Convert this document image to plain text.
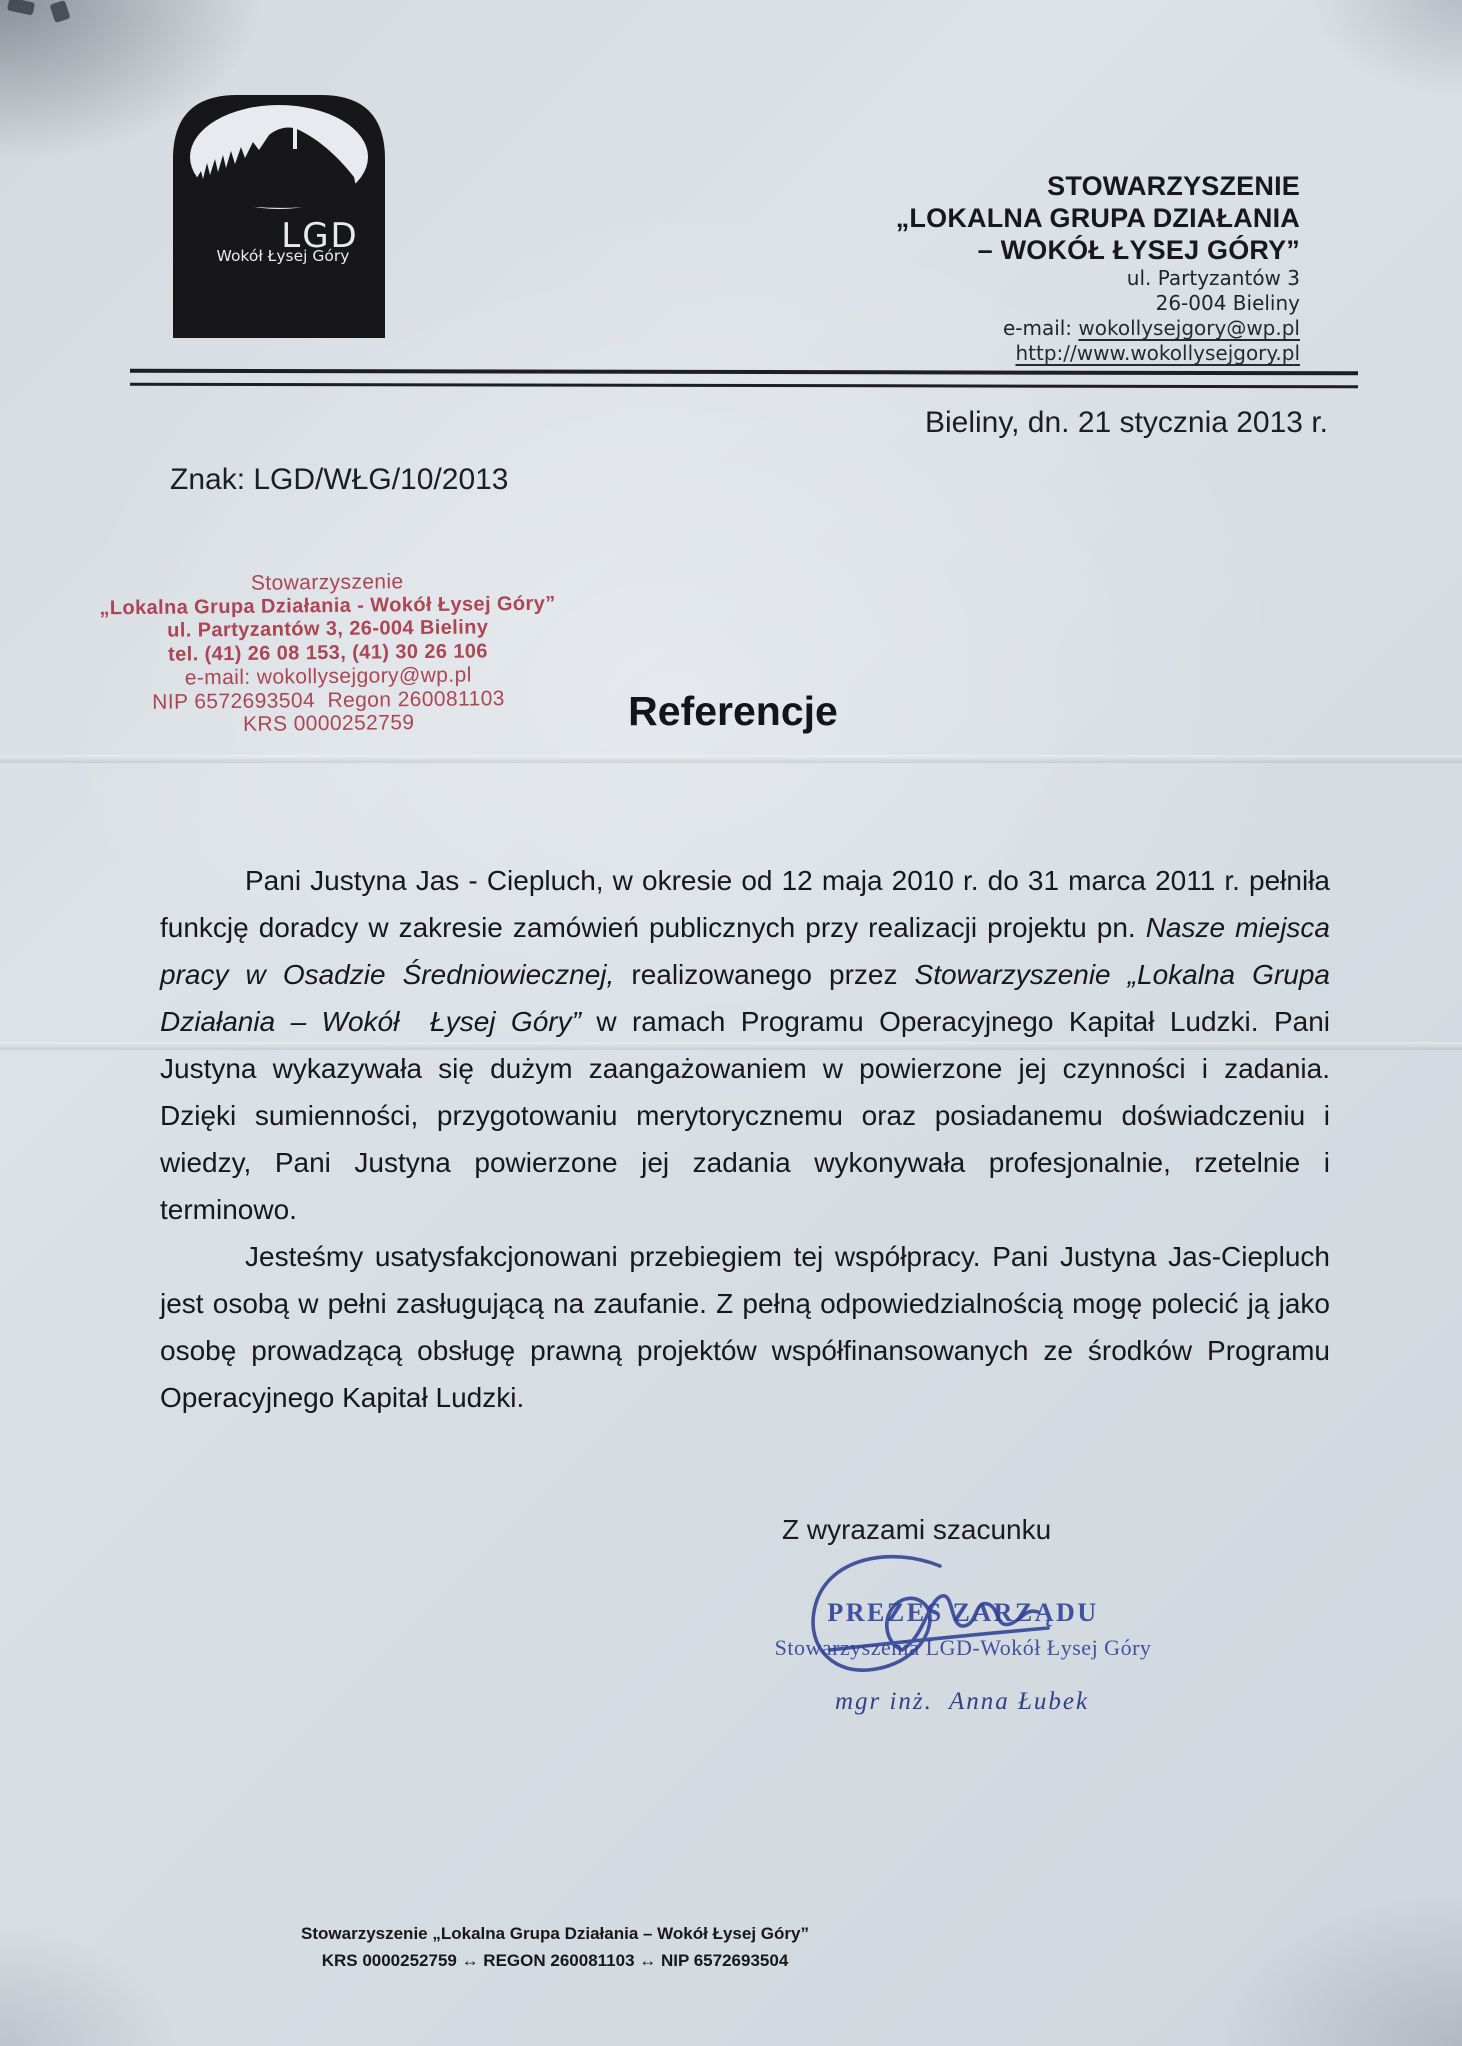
LGD
Wokół Łysej Góry
STOWARZYSZENIE
„LOKALNA GRUPA DZIAŁANIA
– WOKÓŁ ŁYSEJ GÓRY”
ul. Partyzantów 3
26-004 Bieliny
e-mail: wokollysejgory@wp.pl
http://www.wokollysejgory.pl
Bieliny, dn. 21 stycznia 2013 r.
Znak: LGD/WŁG/10/2013
Stowarzyszenie
„Lokalna Grupa Działania - Wokół Łysej Góry”
ul. Partyzantów 3, 26-004 Bieliny
tel. (41) 26 08 153, (41) 30 26 106
e-mail: wokollysejgory@wp.pl
NIP 6572693504  Regon 260081103
KRS 0000252759	Referencje

Pani Justyna Jas - Ciepluch, w okresie od 12 maja 2010 r. do 31 marca 2011 r. pełniła funkcję doradcy w zakresie zamówień publicznych przy realizacji projektu pn. Nasze miejsca pracy w Osadzie Średniowiecznej, realizowanego przez Stowarzyszenie „Lokalna Grupa Działania – Wokół  Łysej Góry” w ramach Programu Operacyjnego Kapitał Ludzki. Pani Justyna wykazywała się dużym zaangażowaniem w powierzone jej czynności i zadania. Dzięki sumienności, przygotowaniu merytorycznemu oraz posiadanemu doświadczeniu i wiedzy, Pani Justyna powierzone jej zadania wykonywała profesjonalnie, rzetelnie i terminowo.

Jesteśmy usatysfakcjonowani przebiegiem tej współpracy. Pani Justyna Jas-Ciepluch jest osobą w pełni zasługującą na zaufanie. Z pełną odpowiedzialnością mogę polecić ją jako osobę prowadzącą obsługę prawną projektów współfinansowanych ze środków Programu Operacyjnego Kapitał Ludzki.

Z wyrazami szacunku
PREZES ZARZĄDU
Stowarzyszenia LGD-Wokół Łysej Góry
mgr inż.  Anna Łubek
Stowarzyszenie „Lokalna Grupa Działania – Wokół Łysej Góry”
KRS 0000252759 ↔ REGON 260081103 ↔ NIP 6572693504
